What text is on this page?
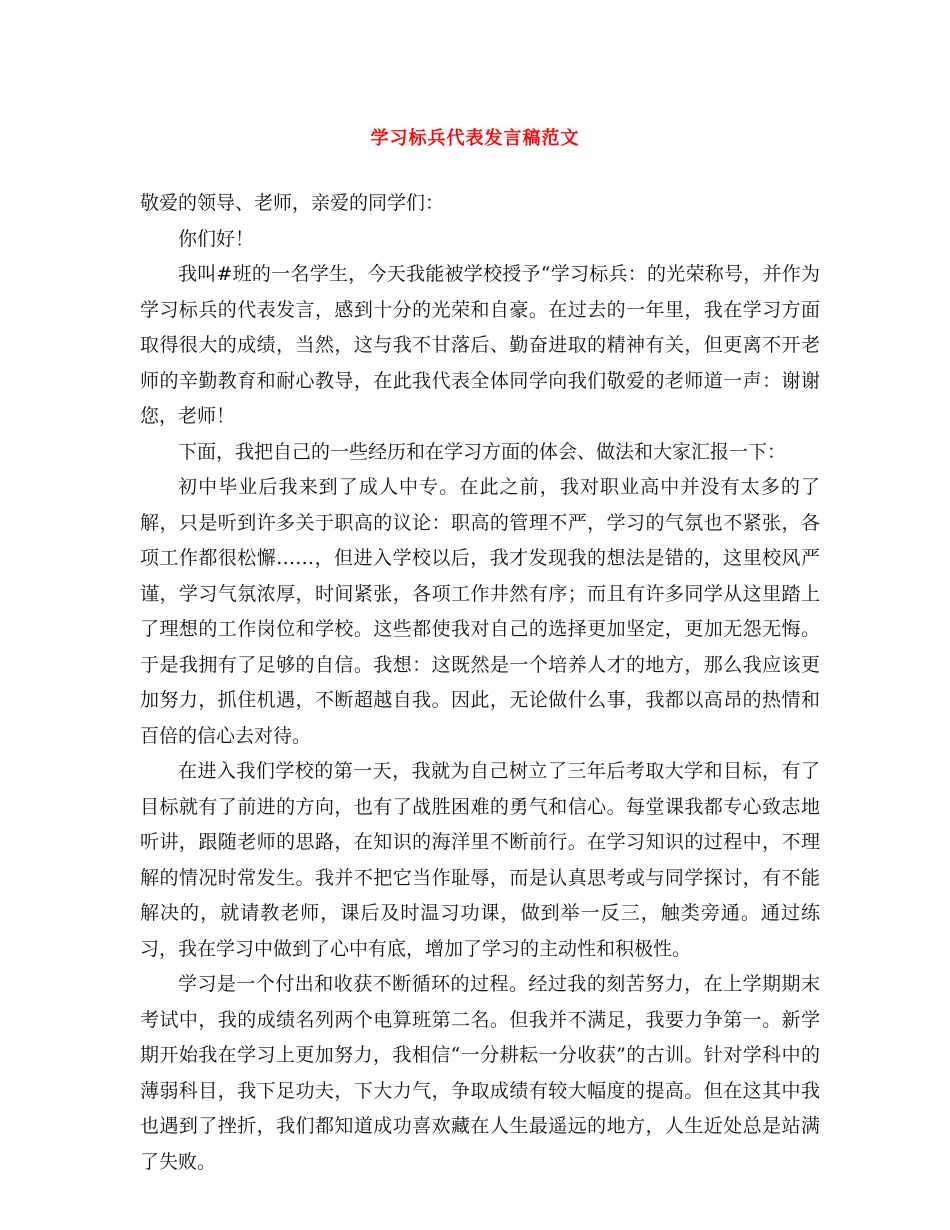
学习标兵代表发言稿范文

敬爱的领导、老师，亲爱的同学们：

你们好！

我叫#班的一名学生，今天我能被学校授予“学习标兵：的光荣称号，并作为学习标兵的代表发言，感到十分的光荣和自豪。在过去的一年里，我在学习方面取得很大的成绩，当然，这与我不甘落后、勤奋进取的精神有关，但更离不开老师的辛勤教育和耐心教导，在此我代表全体同学向我们敬爱的老师道一声：谢谢您，老师！

下面，我把自己的一些经历和在学习方面的体会、做法和大家汇报一下：

初中毕业后我来到了成人中专。在此之前，我对职业高中并没有太多的了解，只是听到许多关于职高的议论：职高的管理不严，学习的气氛也不紧张，各项工作都很松懈……，但进入学校以后，我才发现我的想法是错的，这里校风严谨，学习气氛浓厚，时间紧张，各项工作井然有序；而且有许多同学从这里踏上了理想的工作岗位和学校。这些都使我对自己的选择更加坚定，更加无怨无悔。于是我拥有了足够的自信。我想：这既然是一个培养人才的地方，那么我应该更加努力，抓住机遇，不断超越自我。因此，无论做什么事，我都以高昂的热情和百倍的信心去对待。

在进入我们学校的第一天，我就为自己树立了三年后考取大学和目标，有了目标就有了前进的方向，也有了战胜困难的勇气和信心。每堂课我都专心致志地听讲，跟随老师的思路，在知识的海洋里不断前行。在学习知识的过程中，不理解的情况时常发生。我并不把它当作耻辱，而是认真思考或与同学探讨，有不能解决的，就请教老师，课后及时温习功课，做到举一反三，触类旁通。通过练习，我在学习中做到了心中有底，增加了学习的主动性和积极性。

学习是一个付出和收获不断循环的过程。经过我的刻苦努力，在上学期期末考试中，我的成绩名列两个电算班第二名。但我并不满足，我要力争第一。新学期开始我在学习上更加努力，我相信“一分耕耘一分收获”的古训。针对学科中的薄弱科目，我下足功夫，下大力气，争取成绩有较大幅度的提高。但在这其中我也遇到了挫折，我们都知道成功喜欢藏在人生最遥远的地方，人生近处总是站满了失败。
